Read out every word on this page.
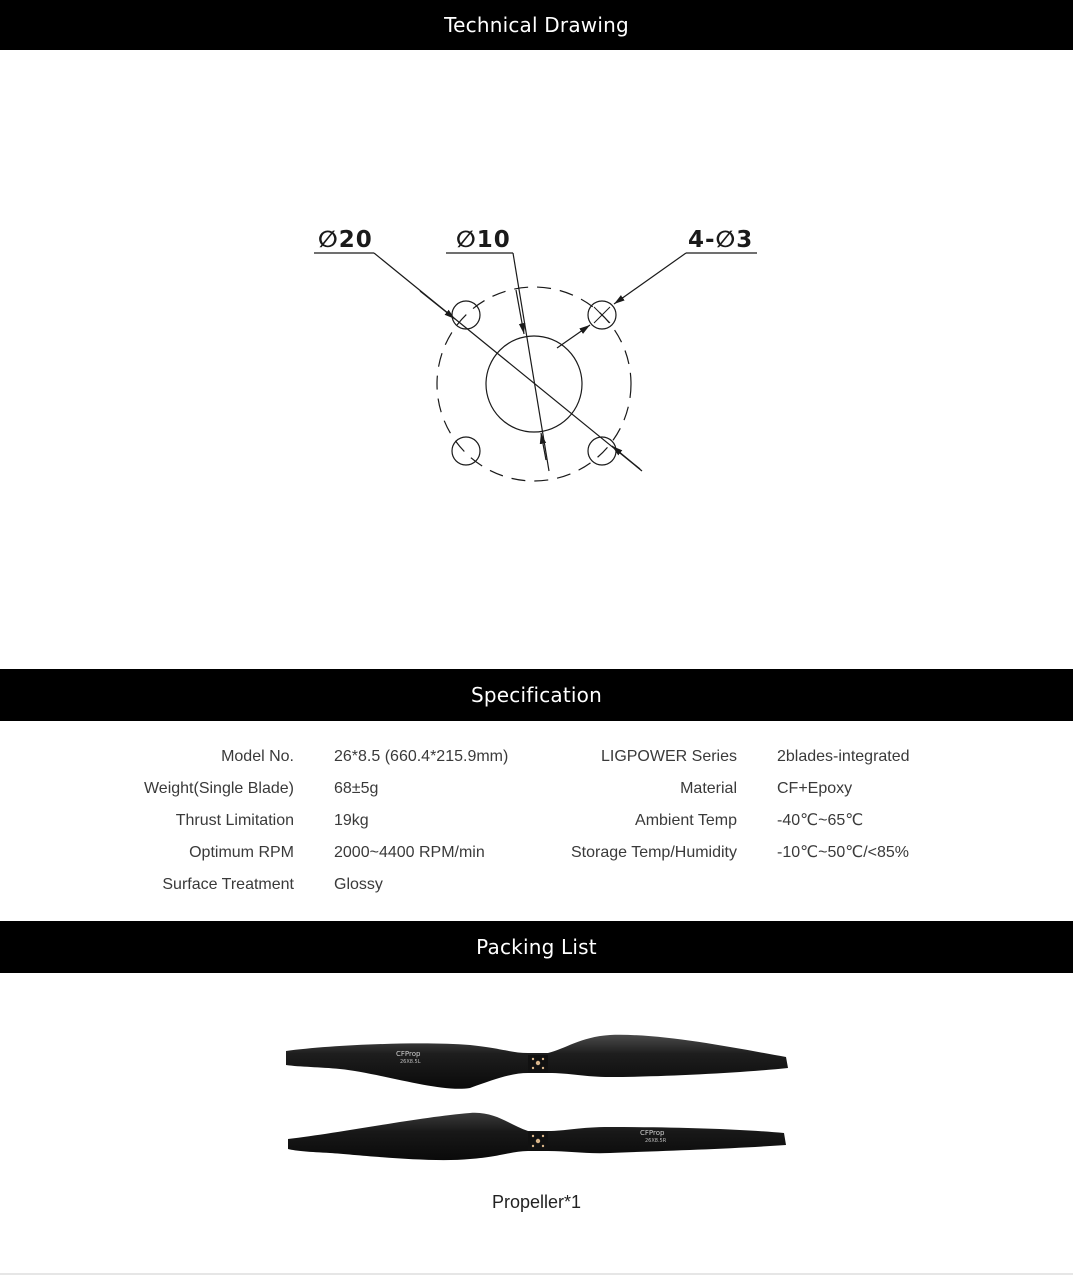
Technical Drawing
∅20	∅10	4-∅3
Specification
Model No.	26*8.5 (660.4*215.9mm)	LIGPOWER Series	2blades-integrated
Weight(Single Blade)	68±5g	Material	CF+Epoxy
Thrust Limitation	19kg	Ambient Temp	-40℃~65℃
Optimum RPM	2000~4400 RPM/min	Storage Temp/Humidity	-10℃~50℃/<85%
Surface Treatment	Glossy
Packing List
CFProp
26X8.5L
CFProp
26X8.5R
Propeller*1
